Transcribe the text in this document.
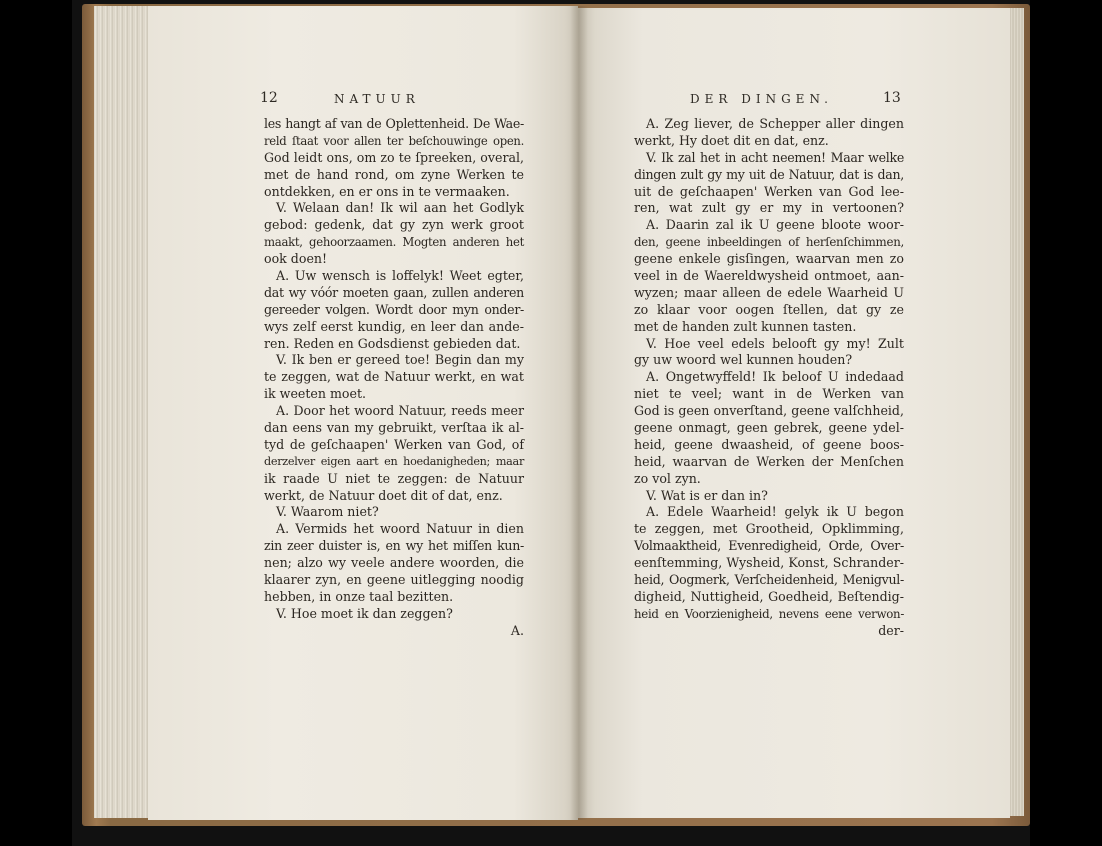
12	NATUUR
les hangt af van de Oplettenheid. De Wae-
reld ſtaat voor allen ter beſchouwinge open.
God leidt ons, om zo te ſpreeken, overal,
met de hand rond, om zyne Werken te
ontdekken, en er ons in te vermaaken.
V. Welaan dan! Ik wil aan het Godlyk
gebod: gedenk, dat gy zyn werk groot
maakt, gehoorzaamen. Mogten anderen het
ook doen!
A. Uw wensch is loffelyk! Weet egter,
dat wy vóór moeten gaan, zullen anderen
gereeder volgen. Wordt door myn onder-
wys zelf eerst kundig, en leer dan ande-
ren. Reden en Godsdienst gebieden dat.
V. Ik ben er gereed toe! Begin dan my
te zeggen, wat de Natuur werkt, en wat
ik weeten moet.
A. Door het woord Natuur, reeds meer
dan eens van my gebruikt, verſtaa ik al-
tyd de geſchaapen' Werken van God, of
derzelver eigen aart en hoedanigheden; maar
ik raade U niet te zeggen: de Natuur
werkt, de Natuur doet dit of dat, enz.
V. Waarom niet?
A. Vermids het woord Natuur in dien
zin zeer duister is, en wy het miſſen kun-
nen; alzo wy veele andere woorden, die
klaarer zyn, en geene uitlegging noodig
hebben, in onze taal bezitten.
V. Hoe moet ik dan zeggen?
A.
DER DINGEN.	13
A. Zeg liever, de Schepper aller dingen
werkt, Hy doet dit en dat, enz.
V. Ik zal het in acht neemen! Maar welke
dingen zult gy my uit de Natuur, dat is dan,
uit de geſchaapen' Werken van God lee-
ren, wat zult gy er my in vertoonen?
A. Daarin zal ik U geene bloote woor-
den, geene inbeeldingen of herſenſchimmen,
geene enkele gisſingen, waarvan men zo
veel in de Waereldwysheid ontmoet, aan-
wyzen; maar alleen de edele Waarheid U
zo klaar voor oogen ſtellen, dat gy ze
met de handen zult kunnen tasten.
V. Hoe veel edels belooft gy my! Zult
gy uw woord wel kunnen houden?
A. Ongetwyffeld! Ik beloof U indedaad
niet te veel; want in de Werken van
God is geen onverſtand, geene valſchheid,
geene onmagt, geen gebrek, geene ydel-
heid, geene dwaasheid, of geene boos-
heid, waarvan de Werken der Menſchen
zo vol zyn.
V. Wat is er dan in?
A. Edele Waarheid! gelyk ik U begon
te zeggen, met Grootheid, Opklimming,
Volmaaktheid, Evenredigheid, Orde, Over-
eenſtemming, Wysheid, Konst, Schrander-
heid, Oogmerk, Verſcheidenheid, Menigvul-
digheid, Nuttigheid, Goedheid, Beſtendig-
heid en Voorzienigheid, nevens eene verwon-
der-
